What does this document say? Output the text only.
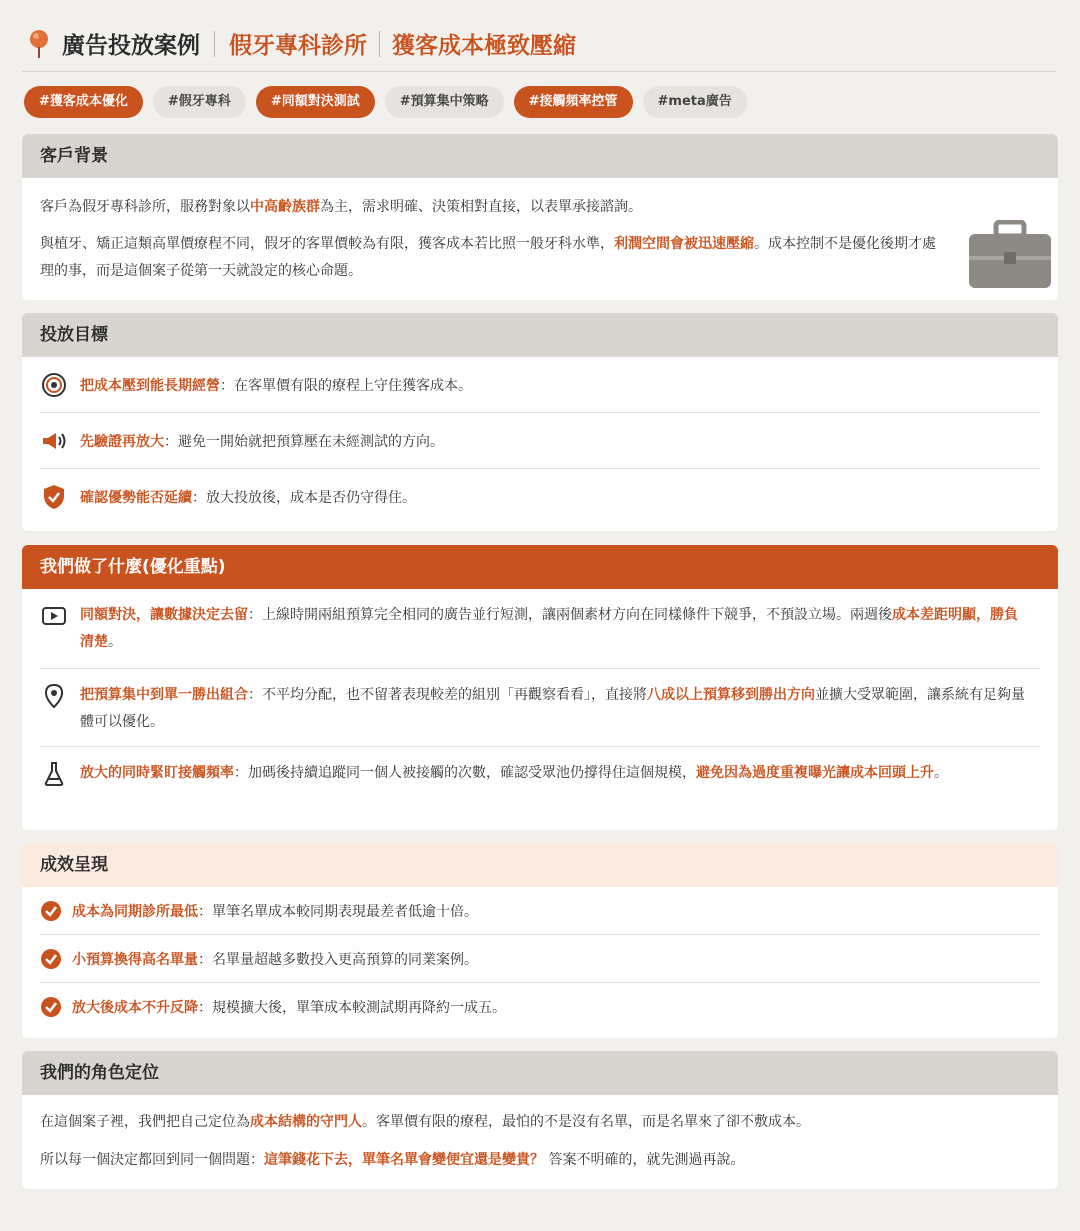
廣告投放案例 假牙專科診所 獲客成本極致壓縮
#獲客成本優化	#假牙專科	#同額對決測試	#預算集中策略	#接觸頻率控管	#meta廣告
客戶背景
客戶為假牙專科診所，服務對象以中高齡族群為主，需求明確、決策相對直接，以表單承接諮詢。
與植牙、矯正這類高單價療程不同，假牙的客單價較為有限，獲客成本若比照一般牙科水準，利潤空間會被迅速壓縮。成本控制不是優化後期才處理的事，而是這個案子從第一天就設定的核心命題。
投放目標
把成本壓到能長期經營：在客單價有限的療程上守住獲客成本。
先驗證再放大：避免一開始就把預算壓在未經測試的方向。
確認優勢能否延續：放大投放後，成本是否仍守得住。
我們做了什麼(優化重點)
同額對決，讓數據決定去留：上線時開兩組預算完全相同的廣告並行短測，讓兩個素材方向在同樣條件下競爭，不預設立場。兩週後成本差距明顯，勝負清楚。
把預算集中到單一勝出組合：不平均分配，也不留著表現較差的組別「再觀察看看」，直接將八成以上預算移到勝出方向並擴大受眾範圍，讓系統有足夠量體可以優化。
放大的同時緊盯接觸頻率：加碼後持續追蹤同一個人被接觸的次數，確認受眾池仍撐得住這個規模，避免因為過度重複曝光讓成本回頭上升。
成效呈現
成本為同期診所最低：單筆名單成本較同期表現最差者低逾十倍。
小預算換得高名單量：名單量超越多數投入更高預算的同業案例。
放大後成本不升反降：規模擴大後，單筆成本較測試期再降約一成五。
我們的角色定位
在這個案子裡，我們把自己定位為成本結構的守門人。客單價有限的療程，最怕的不是沒有名單，而是名單來了卻不敷成本。
所以每一個決定都回到同一個問題：這筆錢花下去，單筆名單會變便宜還是變貴？ 答案不明確的，就先測過再說。
